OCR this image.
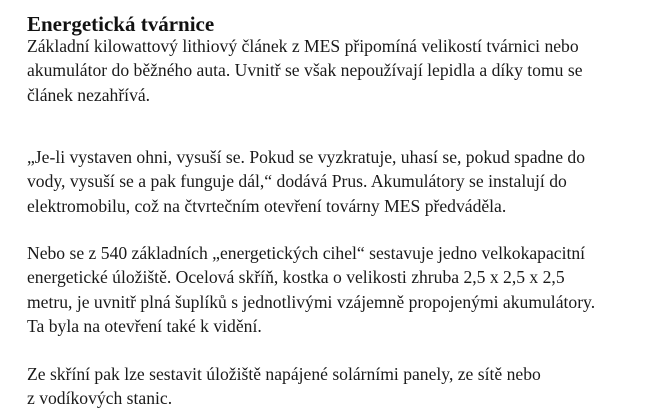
Energetická tvárnice
Základní kilowattový lithiový článek z MES připomíná velikostí tvárnici nebo
akumulátor do běžného auta. Uvnitř se však nepoužívají lepidla a díky tomu se
článek nezahřívá.
„Je-li vystaven ohni, vysuší se. Pokud se vyzkratuje, uhasí se, pokud spadne do
vody, vysuší se a pak funguje dál,“ dodává Prus. Akumulátory se instalují do
elektromobilu, což na čtvrtečním otevření továrny MES předváděla.
Nebo se z 540 základních „energetických cihel“ sestavuje jedno velkokapacitní
energetické úložiště. Ocelová skříň, kostka o velikosti zhruba 2,5 x 2,5 x 2,5
metru, je uvnitř plná šuplíků s jednotlivými vzájemně propojenými akumulátory.
Ta byla na otevření také k vidění.
Ze skříní pak lze sestavit úložiště napájené solárními panely, ze sítě nebo
z vodíkových stanic.
